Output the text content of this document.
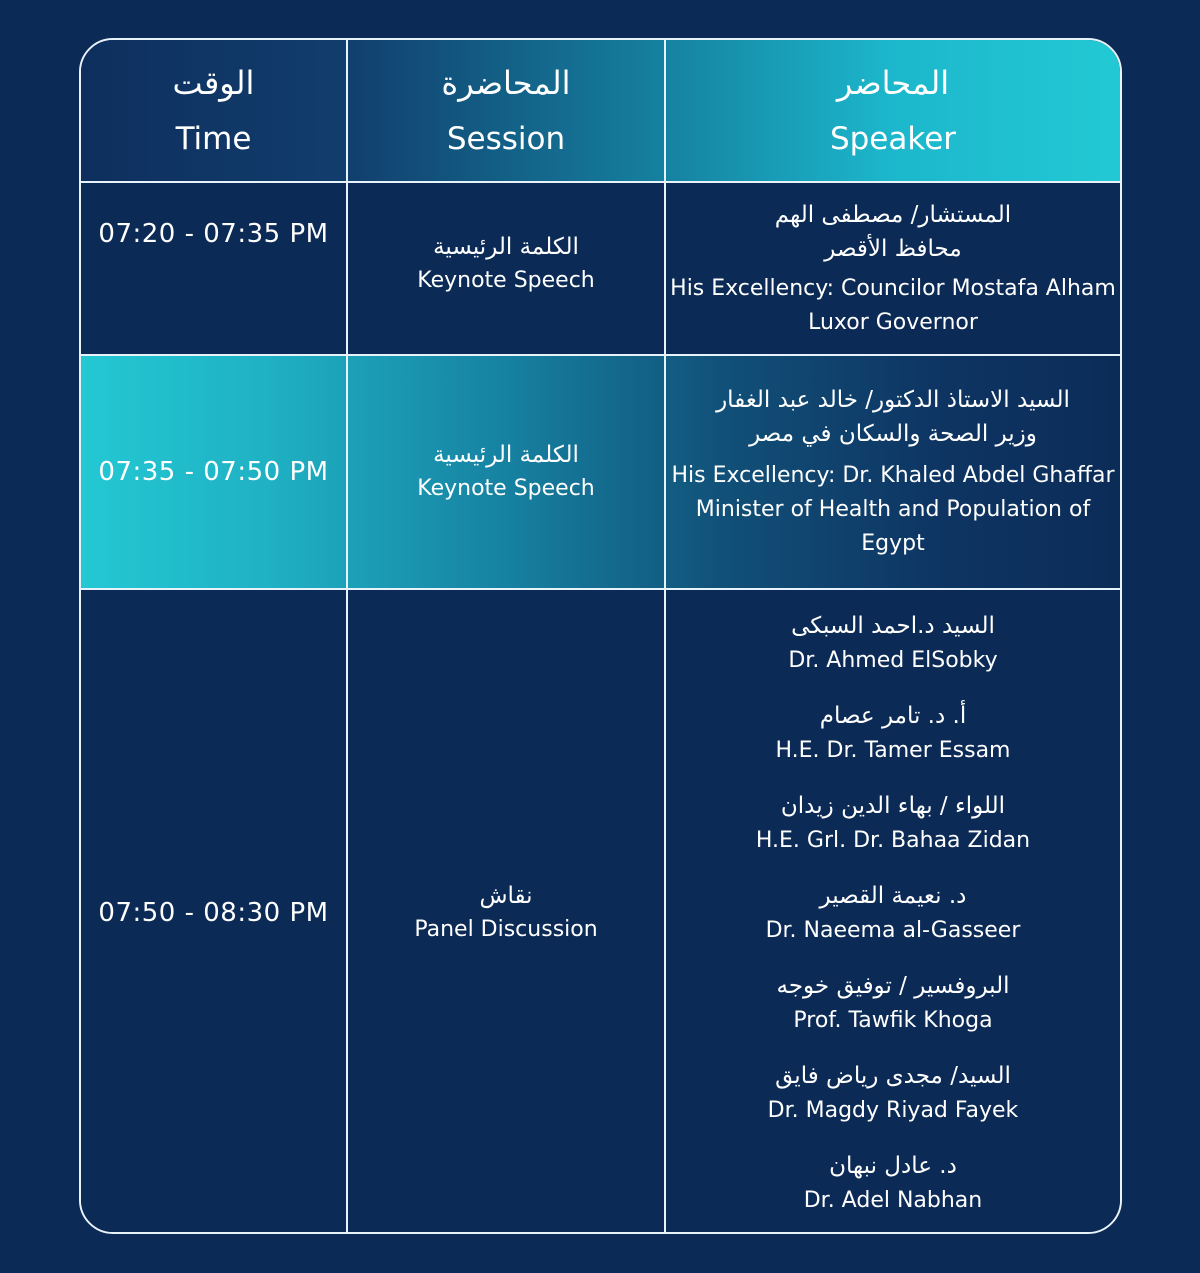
الوقت
Time
المحاضرة
Session
المحاضر
Speaker
07:20 - 07:35 PM	الكلمة الرئيسية
Keynote Speech
المستشار/ مصطفى الهم
محافظ الأقصر
His Excellency: Councilor Mostafa Alham
Luxor Governor
07:35 - 07:50 PM
الكلمة الرئيسية
Keynote Speech
السيد الاستاذ الدكتور/ خالد عبد الغفار
وزير الصحة والسكان في مصر
His Excellency: Dr. Khaled Abdel Ghaffar
Minister of Health and Population of
Egypt
07:50 - 08:30 PM
نقاش
Panel Discussion
السيد د.احمد السبكى
Dr. Ahmed ElSobky
أ. د. تامر عصام
H.E. Dr. Tamer Essam
اللواء / بهاء الدين زيدان
H.E. Grl. Dr. Bahaa Zidan
د. نعيمة القصير
Dr. Naeema al-Gasseer
البروفسير / توفيق خوجه
Prof. Tawfik Khoga
السيد/ مجدى رياض فايق
Dr. Magdy Riyad Fayek
د. عادل نبهان
Dr. Adel Nabhan
